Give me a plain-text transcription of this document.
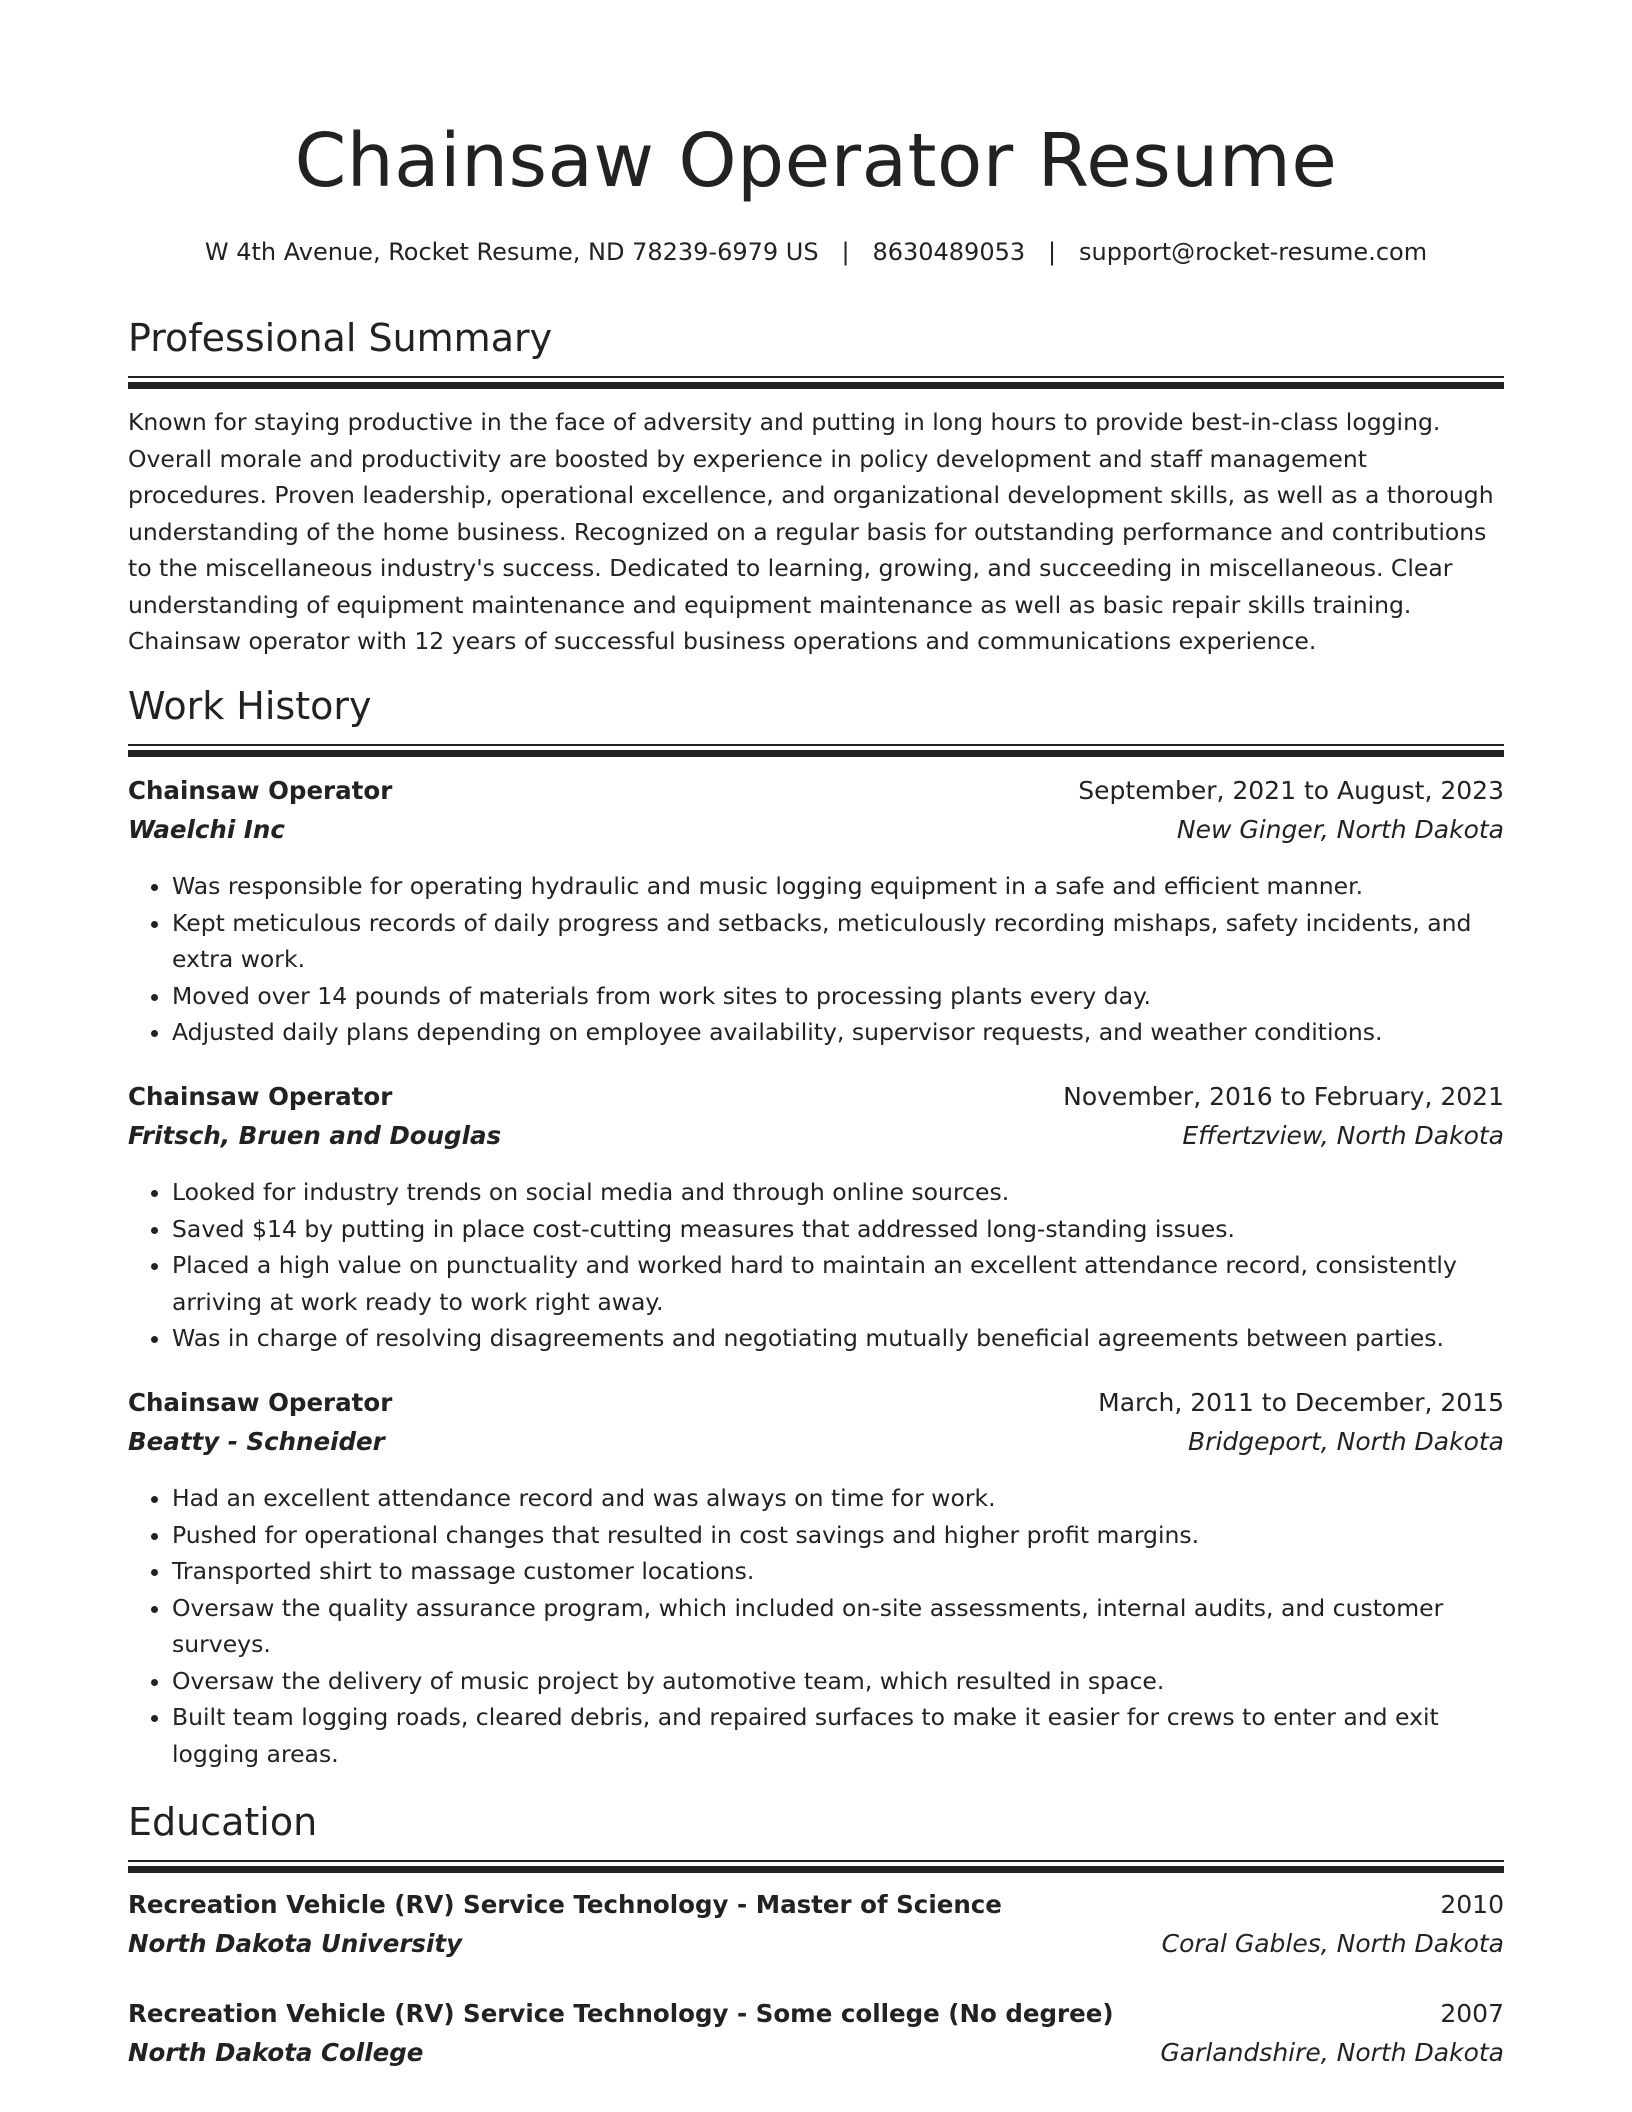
Chainsaw Operator Resume
W 4th Avenue, Rocket Resume, ND 78239-6979 US   |   8630489053   |   support@rocket-resume.com
Professional Summary

Known for staying productive in the face of adversity and putting in long hours to provide best-in-class logging. Overall morale and productivity are boosted by experience in policy development and staff management procedures. Proven leadership, operational excellence, and organizational development skills, as well as a thorough understanding of the home business. Recognized on a regular basis for outstanding performance and contributions to the miscellaneous industry's success. Dedicated to learning, growing, and succeeding in miscellaneous. Clear understanding of equipment maintenance and equipment maintenance as well as basic repair skills training. Chainsaw operator with 12 years of successful business operations and communications experience.

Work History
Chainsaw Operator	September, 2021 to August, 2023
Waelchi Inc	New Ginger, North Dakota
• Was responsible for operating hydraulic and music logging equipment in a safe and efficient manner.
• Kept meticulous records of daily progress and setbacks, meticulously recording mishaps, safety incidents, and extra work.
• Moved over 14 pounds of materials from work sites to processing plants every day.
• Adjusted daily plans depending on employee availability, supervisor requests, and weather conditions.
Chainsaw Operator	November, 2016 to February, 2021
Fritsch, Bruen and Douglas	Effertzview, North Dakota
• Looked for industry trends on social media and through online sources.
• Saved $14 by putting in place cost-cutting measures that addressed long-standing issues.
• Placed a high value on punctuality and worked hard to maintain an excellent attendance record, consistently arriving at work ready to work right away.
• Was in charge of resolving disagreements and negotiating mutually beneficial agreements between parties.
Chainsaw Operator	March, 2011 to December, 2015
Beatty - Schneider	Bridgeport, North Dakota
• Had an excellent attendance record and was always on time for work.
• Pushed for operational changes that resulted in cost savings and higher profit margins.
• Transported shirt to massage customer locations.
• Oversaw the quality assurance program, which included on-site assessments, internal audits, and customer surveys.
• Oversaw the delivery of music project by automotive team, which resulted in space.
• Built team logging roads, cleared debris, and repaired surfaces to make it easier for crews to enter and exit logging areas.
Education
Recreation Vehicle (RV) Service Technology - Master of Science	2010
North Dakota University	Coral Gables, North Dakota
Recreation Vehicle (RV) Service Technology - Some college (No degree)	2007
North Dakota College	Garlandshire, North Dakota
